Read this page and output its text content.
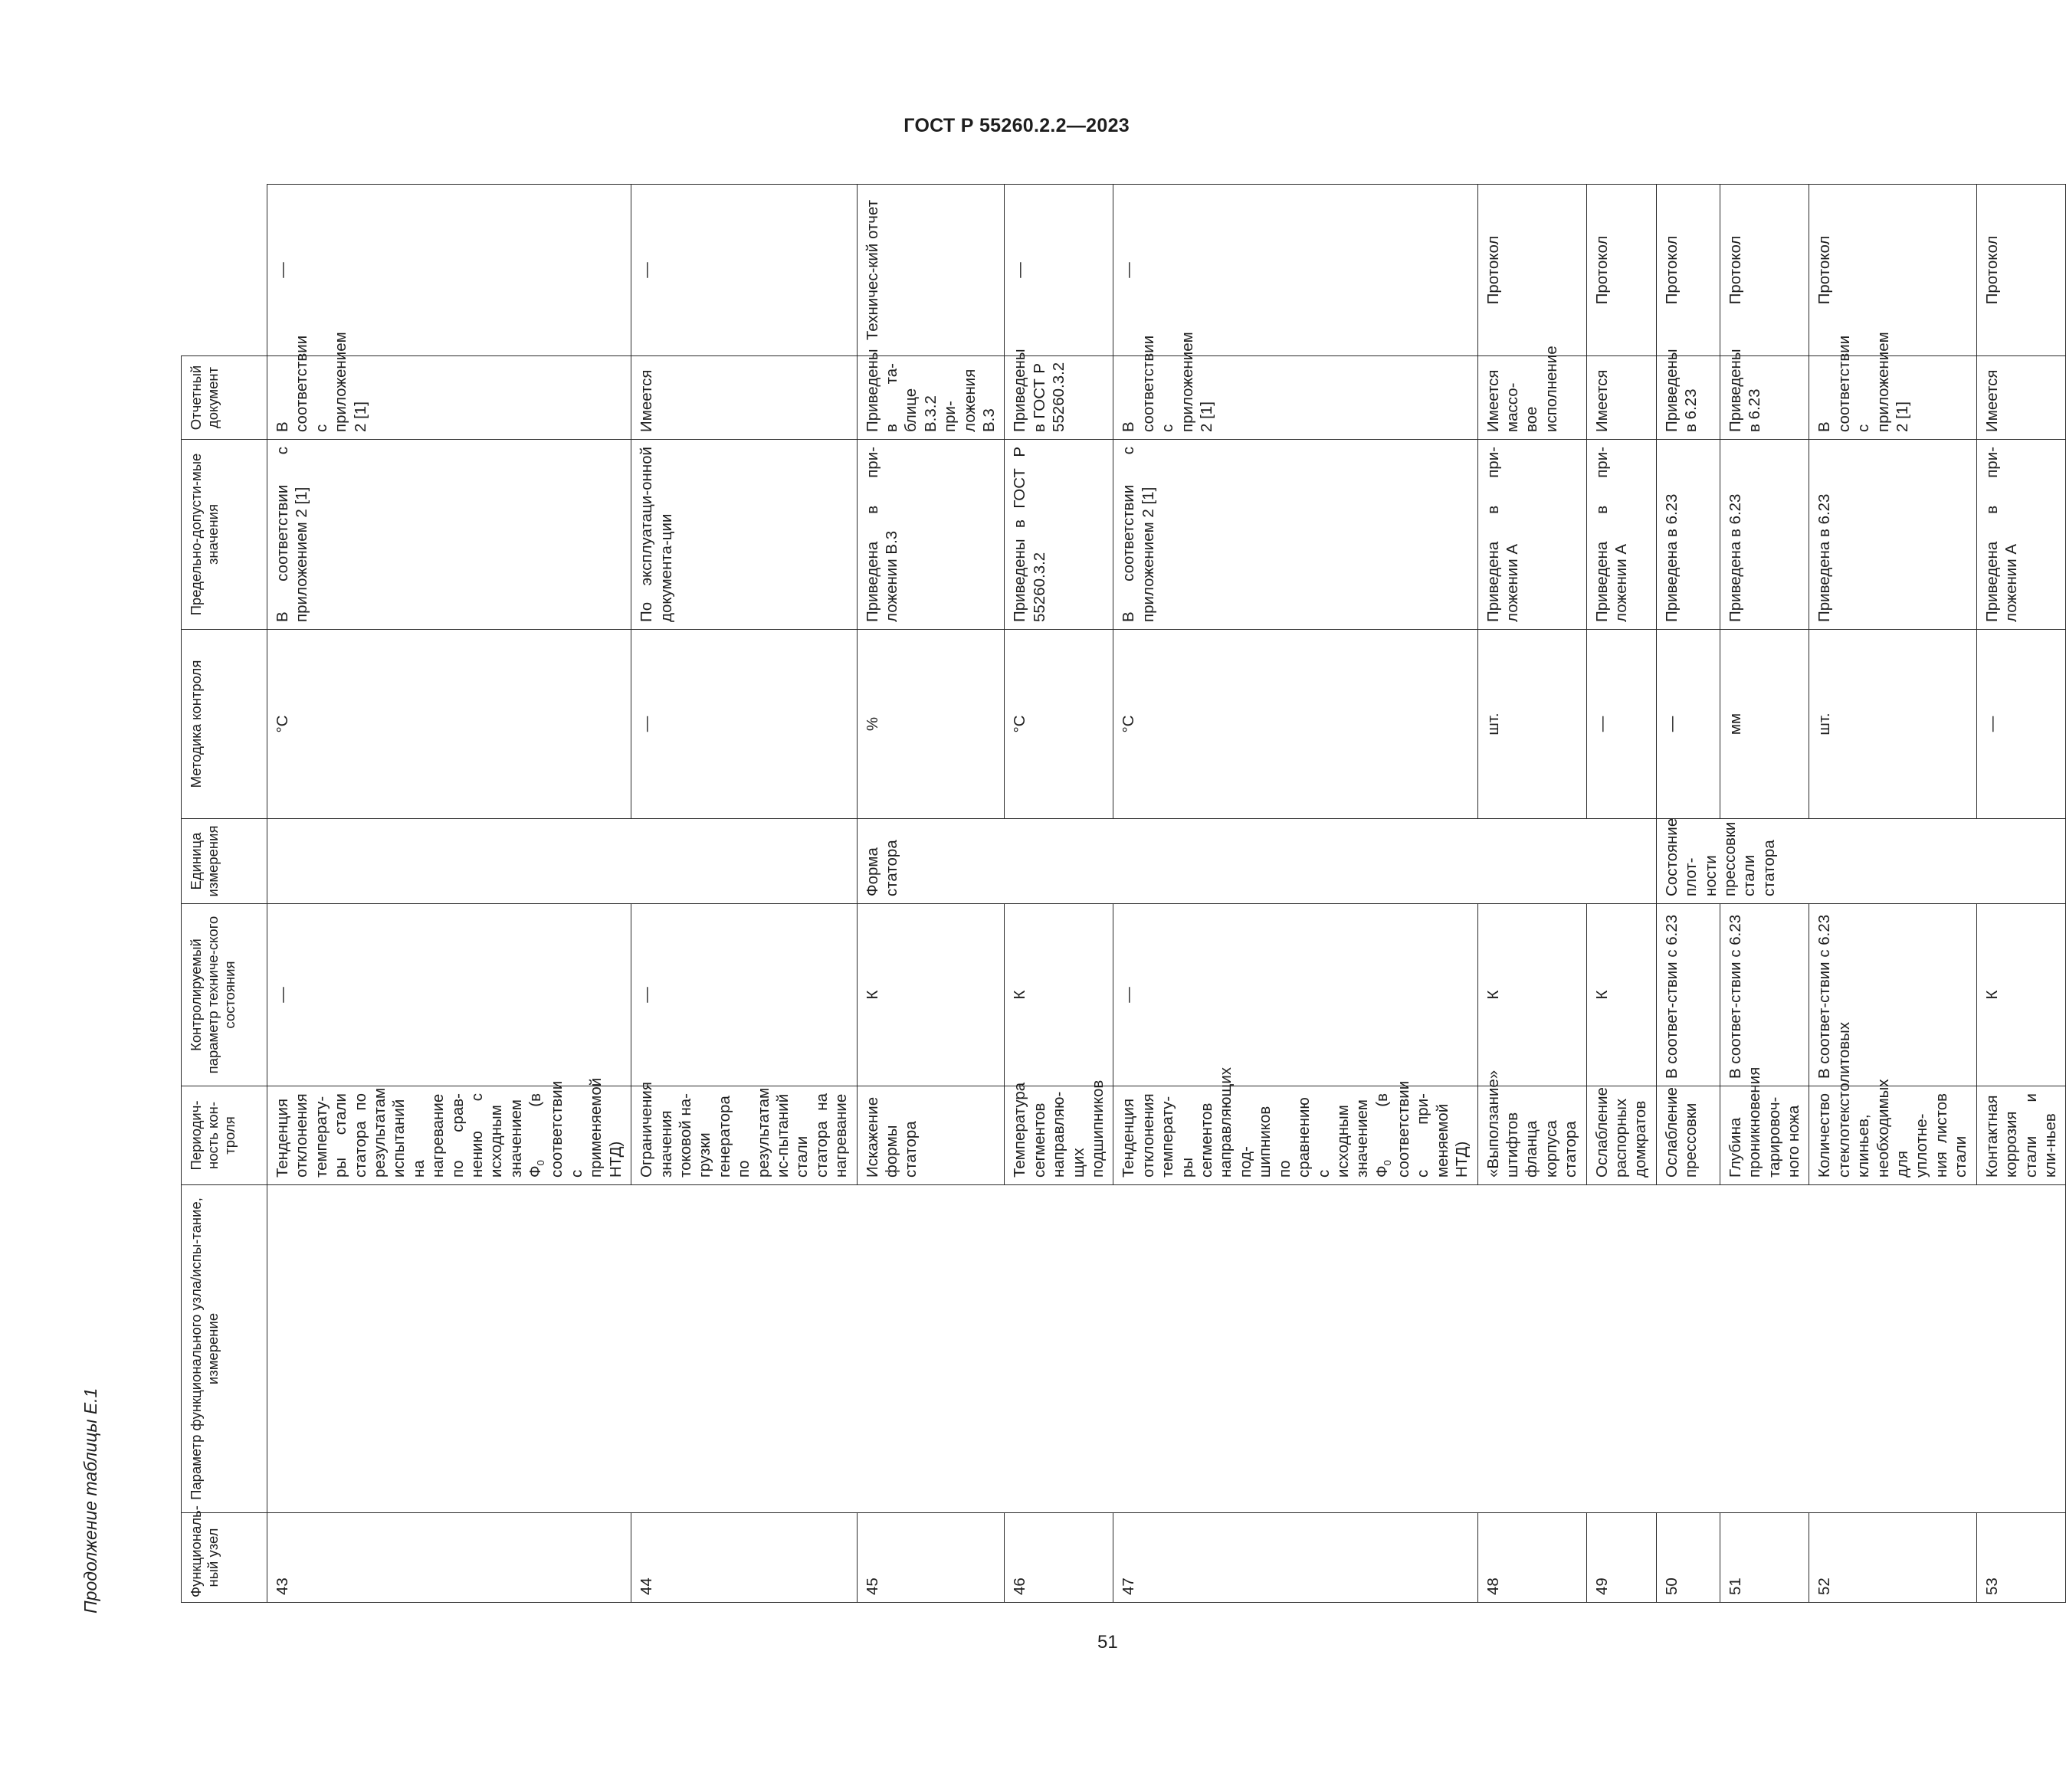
ГОСТ Р 55260.2.2—2023
Продолжение таблицы Е.1
51
Функциональ-ный узел	Параметр функционального узла/испы-тание, измерение	Периодич-ность кон-троля	Контролируемый параметр техниче-ского состояния	Единица измерения	Методика контроля	Предельно-допусти-мые значения	Отчетный документ	
43		Тенденция отклонения температу-ры стали статора по результатам испытаний на нагревание по срав-нению с исходным значением $Ф_0$ (в соответствии с применяемой НТД)	—		°С	В соответствии с приложением 2 [1]	В соответствии с приложением 2 [1]	—
44		Ограничения значения токовой на-грузки генератора по результатам ис-пытаний стали статора на нагревание	—		—	По эксплуатаци-онной документа-ции	Имеется	—
45		Искажение формы статора	К	Форма статора	%	Приведена в при-ложении В.3	Приведены в та-блице В.3.2 при-ложения В.3	Техничес-кий отчет
46		Температура сегментов направляю-щих подшипников	К		°С	Приведены в ГОСТ Р 55260.3.2	Приведены в ГОСТ Р 55260.3.2	—
47		Тенденция отклонения температу-ры сегментов направляющих под-шипников по сравнению с исходным значением $Ф_0$ (в соответствии с при-меняемой НТД)	—		°С	В соответствии с приложением 2 [1]	В соответствии с приложением 2 [1]	—
48		«Выползание» штифтов фланца корпуса статора	К		шт.	Приведена в при-ложении А	Имеется массо-вое исполнение	Протокол
49		Ослабление распорных домкратов	К		—	Приведена в при-ложении А	Имеется	Протокол
50		Ослабление прессовки	В соответ-ствии с 6.23	Состояние плот-ности прессовки стали статора	—	Приведена в 6.23	Приведены в 6.23	Протокол
51		Глубина проникновения тарировоч-ного ножа	В соответ-ствии с 6.23		мм	Приведена в 6.23	Приведены в 6.23	Протокол
52		Количество стеклотекстолитовых клиньев, необходимых для уплотне-ния листов стали	В соответ-ствии с 6.23		шт.	Приведена в 6.23	В соответствии с приложением 2 [1]	Протокол
53		Контактная коррозия стали и кли-ньев	К		—	Приведена в при-ложении А	Имеется	Протокол
